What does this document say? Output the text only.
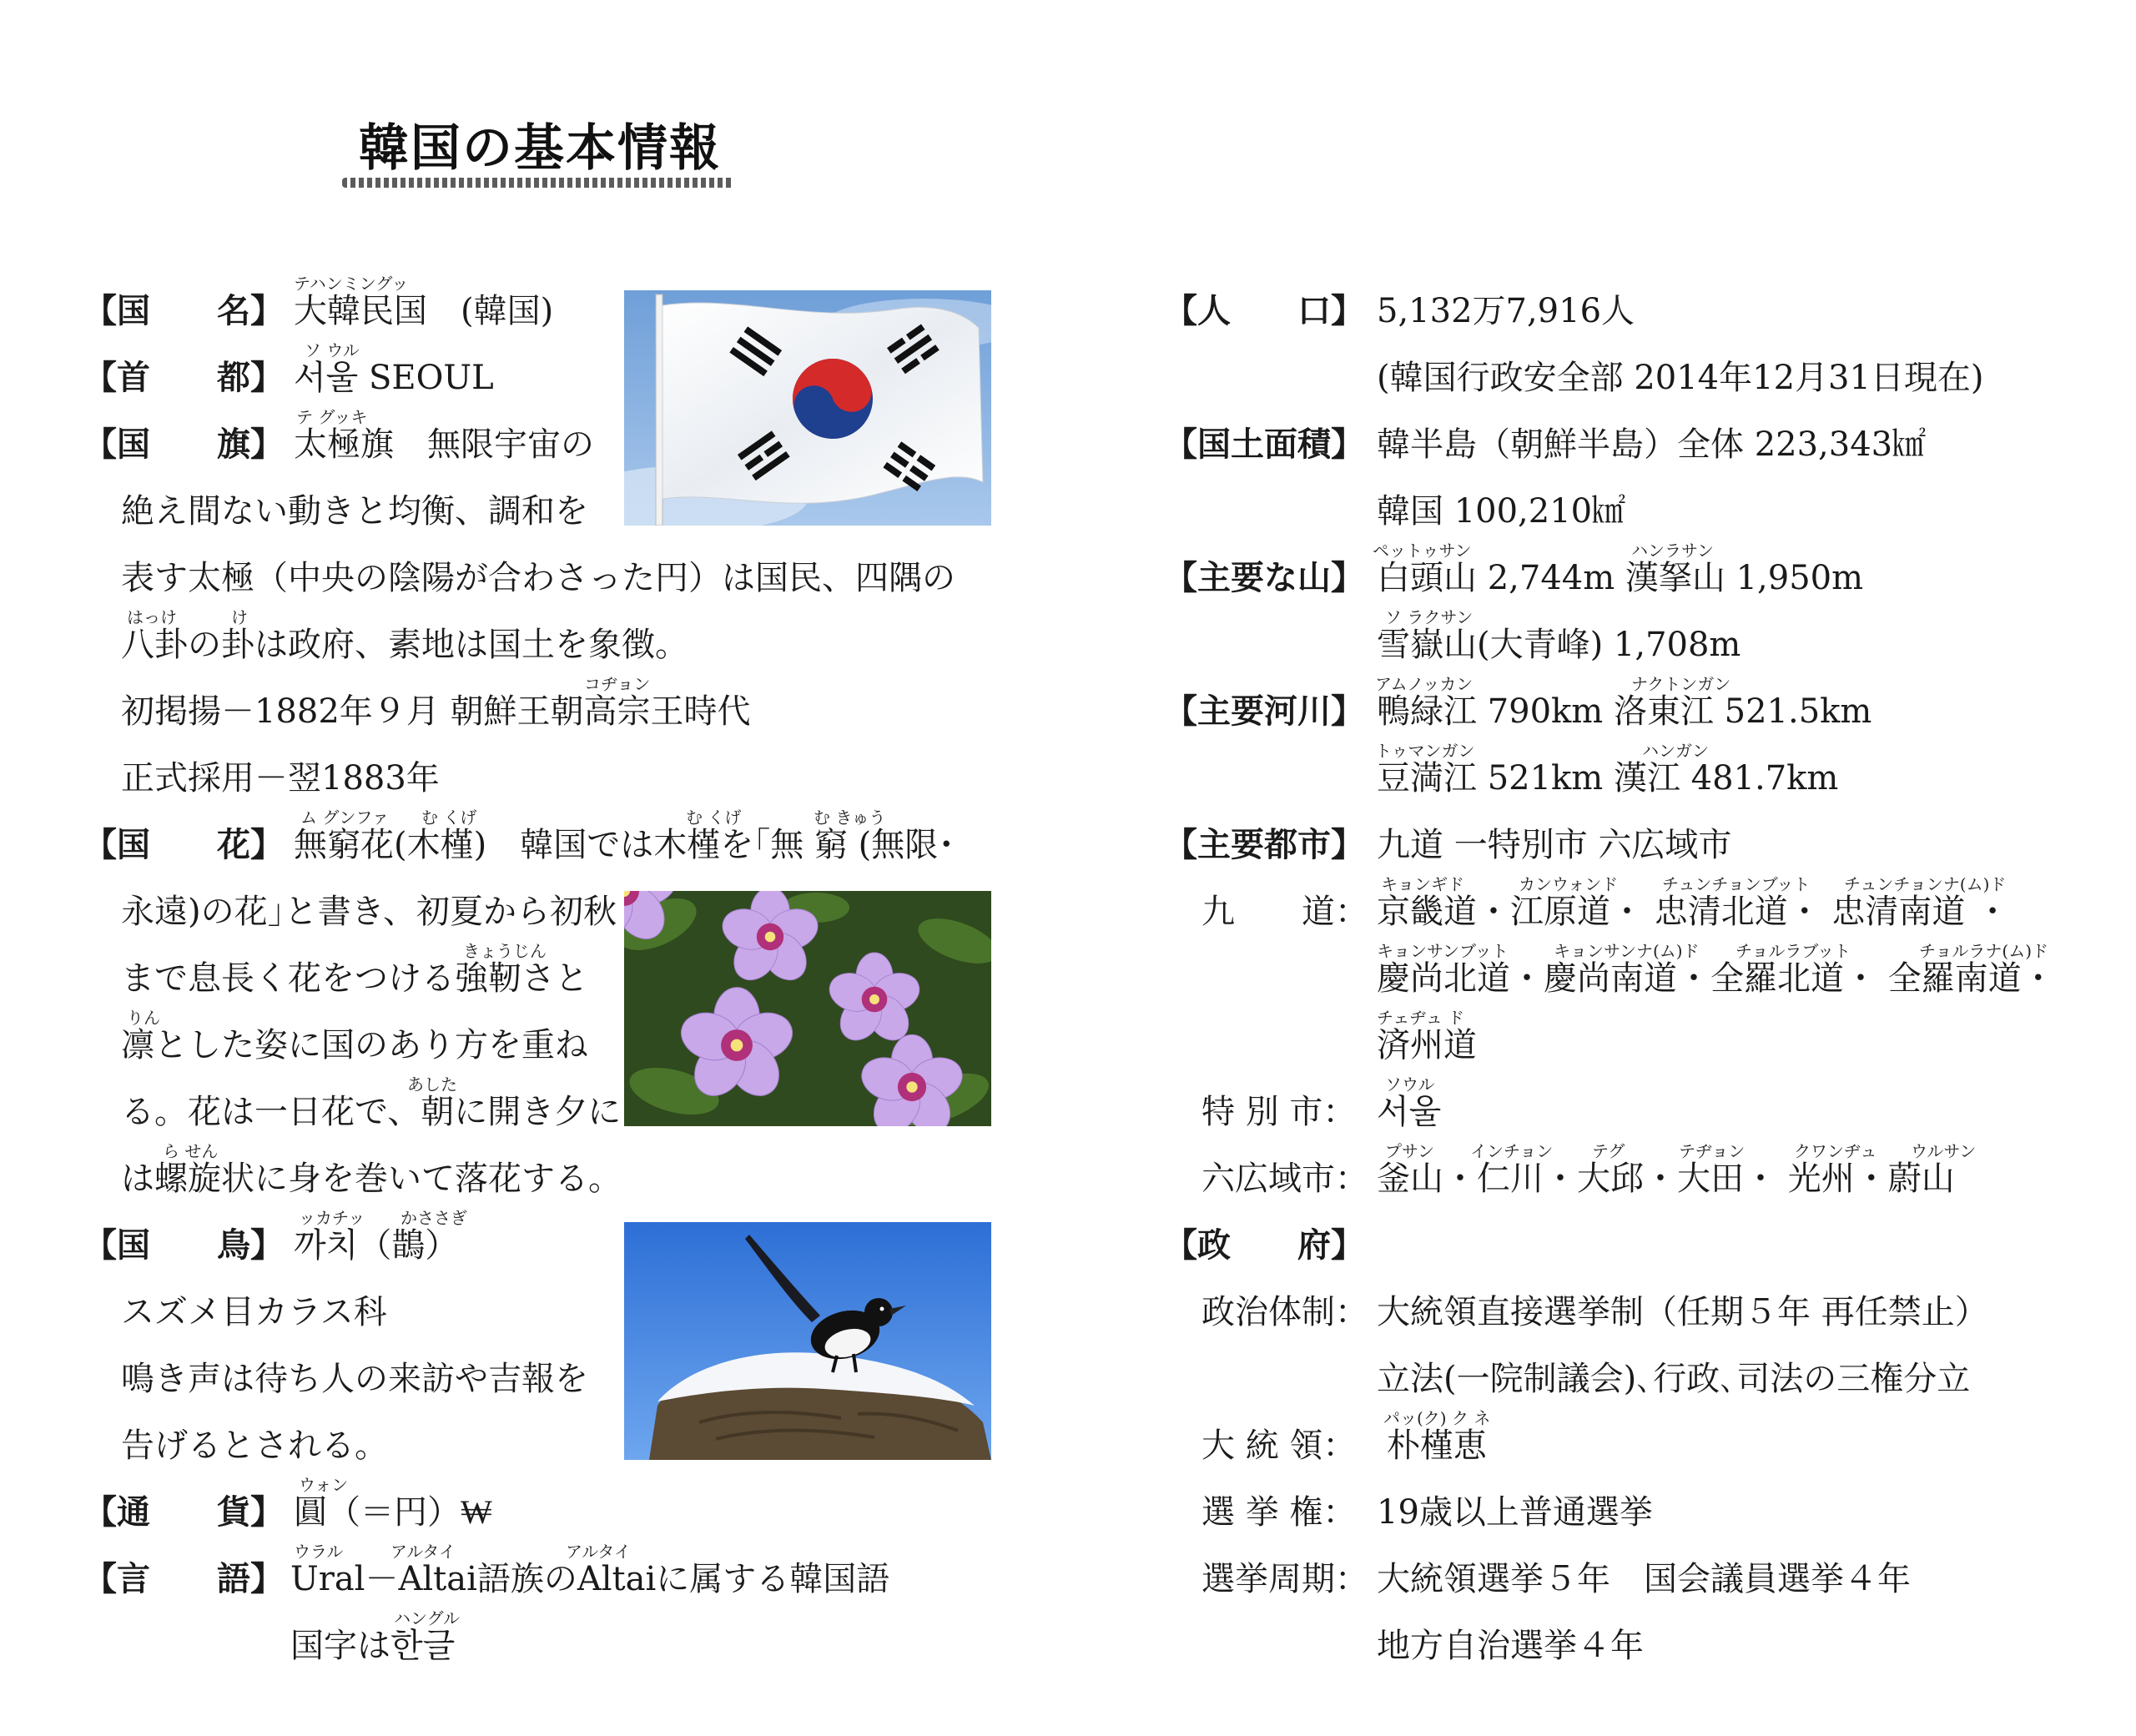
韓国の基本情報
テハンミングッ
【国　　名】 大韓民国　(韓国)
ソ ウル
【首　　都】 서울 SEOUL
テ グッキ
【国　　旗】 太極旗　無限宇宙の
絶え間ない動きと均衡、調和を
表す太極（中央の陰陽が合わさった円）は国民、四隅の
はっけ	け
八卦の卦は政府、素地は国土を象徴。
コヂョン
初掲揚－1882年９月 朝鮮王朝高宗王時代
正式採用－翌1883年
ム グンファ む くげ	む くげ	む きゅう
【国　　花】 無窮花(木槿)　韓国では木槿を｢無 窮 (無限･
永遠)の花｣と書き、初夏から初秋
きょうじん
まで息長く花をつける強靭さと
りん
凛とした姿に国のあり方を重ね
あした
る。花は一日花で、朝に開き夕に
ら せん
は螺旋状に身を巻いて落花する。
ッカチッ かささぎ
【国　　鳥】 까치（鵲）
スズメ目カラス科
鳴き声は待ち人の来訪や吉報を
告げるとされる。
ウォン
【通　　貨】 圓（＝円）₩
ウラル	アルタイ	アルタイ
【言　　語】 Ural－Altai語族のAltaiに属する韓国語
ハングル
国字は한글
【人　　口】 5,132万7,916人
(韓国行政安全部 2014年12月31日現在)
【国土面積】 韓半島（朝鮮半島）全体 223,343㎢
韓国 100,210㎢
ペットゥサン	ハンラサン
【主要な山】 白頭山 2,744m 漢拏山 1,950m
ソ ラクサン
雪嶽山(大青峰) 1,708m
アムノッカン	ナクトンガン
【主要河川】 鴨緑江 790km 洛東江 521.5km
トゥマンガン	ハンガン
豆満江 521km 漢江 481.7km
【主要都市】 九道 一特別市 六広域市
キョンギド	カンウォンド	チュンチョンブット チュンチョンナ(ム)ド
九　　道： 京畿道・江原道・ 忠清北道・ 忠清南道 ・
キョンサンブット	キョンサンナ(ム)ド チョルラブット	チョルラナ(ム)ド
慶尚北道・慶尚南道・全羅北道・ 全羅南道・
チェヂュ ド
済州道
ソウル
特 別 市： 서울
プサン インチョン テグ	テヂョン	クワンヂュ ウルサン
六広域市： 釜山・仁川・大邱・大田・ 光州・蔚山
【政　　府】
政治体制： 大統領直接選挙制（任期５年 再任禁止）
立法(一院制議会)､行政､司法の三権分立
パッ(ク) ク ネ
大 統 領： 朴槿恵
選 挙 権： 19歳以上普通選挙
選挙周期： 大統領選挙５年　国会議員選挙４年
地方自治選挙４年
